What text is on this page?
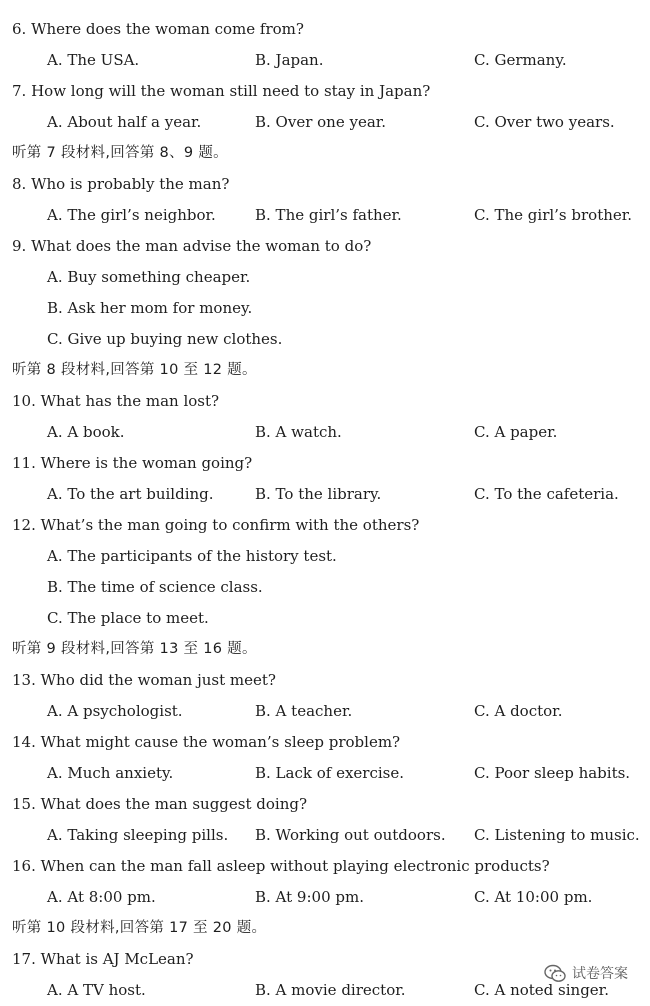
6. Where does the woman come from?
A. The USA.	B. Japan.	C. Germany.
7. How long will the woman still need to stay in Japan?
A. About half a year.	B. Over one year.	C. Over two years.
听第 7 段材料,回答第 8、9 题。
8. Who is probably the man?
A. The girl’s neighbor.	B. The girl’s father.	C. The girl’s brother.
9. What does the man advise the woman to do?
A. Buy something cheaper.
B. Ask her mom for money.
C. Give up buying new clothes.
听第 8 段材料,回答第 10 至 12 题。
10. What has the man lost?
A. A book.	B. A watch.	C. A paper.
11. Where is the woman going?
A. To the art building.	B. To the library.	C. To the cafeteria.
12. What’s the man going to confirm with the others?
A. The participants of the history test.
B. The time of science class.
C. The place to meet.
听第 9 段材料,回答第 13 至 16 题。
13. Who did the woman just meet?
A. A psychologist.	B. A teacher.	C. A doctor.
14. What might cause the woman’s sleep problem?
A. Much anxiety.	B. Lack of exercise.	C. Poor sleep habits.
15. What does the man suggest doing?
A. Taking sleeping pills. B. Working out outdoors. C. Listening to music.
16. When can the man fall asleep without playing electronic products?
A. At 8:00 pm.	B. At 9:00 pm.	C. At 10:00 pm.
听第 10 段材料,回答第 17 至 20 题。
17. What is AJ McLean?
A. A TV host.	B. A movie director.	C. A noted singer.
试卷答案
